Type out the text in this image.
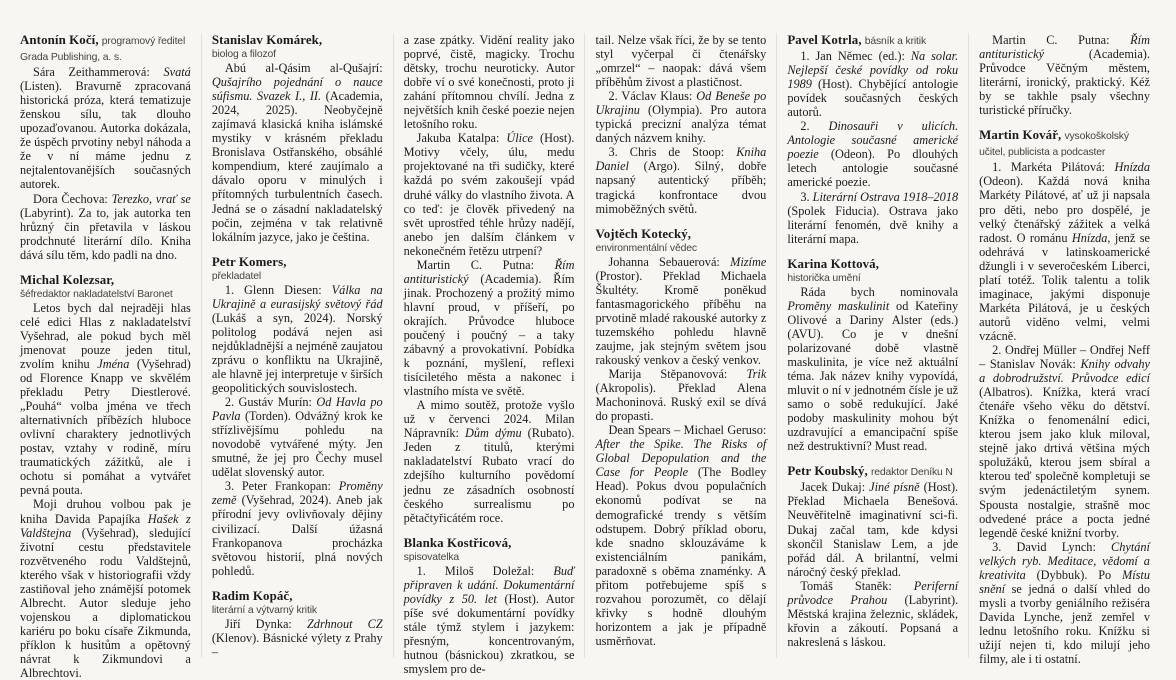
Antonín Kočí, programový ředitel Grada Publishing, a. s.

Sára Zeithammerová: Svatá (Listen). Bravurně zpracovaná historická próza, která tematizuje ženskou sílu, tak dlouho upozaďovanou. Autorka dokázala, že úspěch prvotiny nebyl náhoda a že v ní máme jednu z nejtalentovanějších současných autorek.

Dora Čechova: Terezko, vrať se (Labyrint). Za to, jak autorka ten hrůzný čin přetavila v láskou prodchnuté literární dílo. Kniha dává sílu těm, kdo padli na dno.

Michal Kolezsar,
šéfredaktor nakladatelství Baronet

Letos bych dal nejraději hlas celé edici Hlas z nakladatelství Vyšehrad, ale pokud bych měl jmenovat pouze jeden titul, zvolím knihu Jména (Vyšehrad) od Florence Knapp ve skvělém překladu Petry Diestlerové. „Pouhá“ volba jména ve třech alternativních příbězích hluboce ovlivní charaktery jednotlivých postav, vztahy v rodině, míru traumatických zážitků, ale i ochotu si pomáhat a vytvářet pevná pouta.

Moji druhou volbou pak je kniha Davida Papajíka Hašek z Valdštejna (Vyšehrad), sledující životní cestu představitele rozvětveného rodu Valdštejnů, kterého však v historiografii vždy zastiňoval jeho známější potomek Albrecht. Autor sleduje jeho vojenskou a diplomatickou kariéru po boku císaře Zikmunda, příklon k husitům a opětovný návrat k Zikmundovi a Albrechtovi.

Stanislav Komárek,
biolog a filozof

Abú al-Qásim al-Qušajrí: Qušajrího pojednání o nauce súfismu. Svazek I., II. (Academia, 2024, 2025). Neobyčejně zajímavá klasická kniha islámské mystiky v krásném překladu Bronislava Ostřanského, obsáhlé kompendium, které zaujímalo a dávalo oporu v minulých i přítomných turbulentních časech. Jedná se o zásadní nakladatelský počin, zejména v tak relativně lokálním jazyce, jako je čeština.

Petr Komers,
překladatel

1. Glenn Diesen: Válka na Ukrajině a eurasijský světový řád (Lukáš a syn, 2024). Norský politolog podává nejen asi nejdůkladnější a nejméně zaujatou zprávu o konfliktu na Ukrajině, ale hlavně jej interpretuje v širších geopolitických souvislostech.

2. Gustáv Murín: Od Havla po Pavla (Torden). Odvážný krok ke střízlivějšímu pohledu na novodobě vytvářené mýty. Jen smutné, že jej pro Čechy musel udělat slovenský autor.

3. Peter Frankopan: Proměny země (Vyšehrad, 2024). Aneb jak přírodní jevy ovlivňovaly dějiny civilizací. Další úžasná Frankopanova procházka světovou historií, plná nových pohledů.

Radim Kopáč,
literární a výtvarný kritik

Jiří Dynka: Zdrhnout CZ (Klenov). Básnické výlety z Prahy –

a zase zpátky. Vidění reality jako poprvé, čistě, magicky. Trochu dětsky, trochu neuroticky. Autor dobře ví o své konečnosti, proto ji zahání přítomnou chvílí. Jedna z největších knih české poezie nejen letošního roku.

Jakuba Katalpa: Úlice (Host). Motivy včely, úlu, medu projektované na tři sudičky, které každá po svém zakoušejí vpád druhé války do vlastního života. A co teď: je člověk přivedený na svět uprostřed téhle hrůzy nadějí, anebo jen dalším článkem v nekonečném řetězu utrpení?

Martin C. Putna: Řím antituristický (Academia). Řím jinak. Prochozený a prožitý mimo hlavní proud, v příšeří, po okrajích. Průvodce hluboce poučený i poučný – a taky zábavný a provokativní. Pobídka k poznání, myšlení, reflexi tisíciletého města a nakonec i vlastního místa ve světě.

A mimo soutěž, protože vyšlo už v červenci 2024. Milan Nápravník: Dům dýmu (Rubato). Jeden z titulů, kterými nakladatelství Rubato vrací do zdejšího kulturního povědomí jednu ze zásadních osobností českého surrealismu po pětačtyřicátém roce.

Blanka Kostřicová,
spisovatelka

1. Miloš Doležal: Buď připraven k udání. Dokumentární povídky z 50. let (Host). Autor píše své dokumentární povídky stále týmž stylem i jazykem: přesným, koncentrovaným, hutnou (básnickou) zkratkou, se smyslem pro de-

tail. Nelze však říci, že by se tento styl vyčerpal či čtenářsky „omrzel“ – naopak: dává všem příběhům živost a plastičnost.

2. Václav Klaus: Od Beneše po Ukrajinu (Olympia). Pro autora typická precizní analýza témat daných názvem knihy.

3. Chris de Stoop: Kniha Daniel (Argo). Silný, dobře napsaný autentický příběh; tragická konfrontace dvou mimoběžných světů.

Vojtěch Kotecký,
environmentální vědec

Johanna Sebauerová: Mizíme (Prostor). Překlad Michaela Škultéty. Kromě poněkud fantasmagorického příběhu na prvotině mladé rakouské autorky z tuzemského pohledu hlavně zaujme, jak stejným světem jsou rakouský venkov a český venkov.

Marija Stěpanovová: Trik (Akropolis). Překlad Alena Machoninová. Ruský exil se dívá do propasti.

Dean Spears – Michael Geruso: After the Spike. The Risks of Global Depopulation and the Case for People (The Bodley Head). Pokus dvou populačních ekonomů podívat se na demografické trendy s větším odstupem. Dobrý příklad oboru, kde snadno sklouzáváme k existenciálním panikám, paradoxně s oběma znaménky. A přitom potřebujeme spíš s rozvahou porozumět, co dělají křivky s hodně dlouhým horizontem a jak je případně usměrňovat.

Pavel Kotrla, básník a kritik

1. Jan Němec (ed.): Na solar. Nejlepší české povídky od roku 1989 (Host). Chybějící antologie povídek současných českých autorů.

2. Dinosauři v ulicích. Antologie současné americké poezie (Odeon). Po dlouhých letech antologie současné americké poezie.

3. Literární Ostrava 1918–2018 (Spolek Fiducia). Ostrava jako literární fenomén, dvě knihy a literární mapa.

Karina Kottová,
historička umění

Ráda bych nominovala Proměny maskulinit od Kateřiny Olivové a Dariny Alster (eds.) (AVU). Co je v dnešní polarizované době vlastně maskulinita, je více než aktuální téma. Jak název knihy vypovídá, mluvit o ní v jednotném čísle je už samo o sobě redukující. Jaké podoby maskulinity mohou být uzdravující a emancipační spíše než destruktivní? Must read.

Petr Koubský, redaktor Deníku N

Jacek Dukaj: Jiné písně (Host). Překlad Michaela Benešová. Neuvěřitelně imaginativní sci-fi. Dukaj začal tam, kde kdysi skončil Stanislaw Lem, a jde pořád dál. A brilantní, velmi náročný český překlad.

Tomáš Staněk: Periferní průvodce Prahou (Labyrint). Městská krajina železnic, skládek, křovin a zákoutí. Popsaná a nakreslená s láskou.

Martin C. Putna: Řím antituristický (Academia). Průvodce Věčným městem, literární, ironický, praktický. Kéž by se takhle psaly všechny turistické příručky.

Martin Kovář, vysokoškolský učitel, publicista a podcaster

1. Markéta Pilátová: Hnízda (Odeon). Každá nová kniha Markéty Pilátové, ať už ji napsala pro děti, nebo pro dospělé, je velký čtenářský zážitek a velká radost. O románu Hnízda, jenž se odehrává v latinskoamerické džungli i v severočeském Liberci, platí totéž. Tolik talentu a tolik imaginace, jakými disponuje Markéta Pilátová, je u českých autorů viděno velmi, velmi vzácně.

2. Ondřej Müller – Ondřej Neff – Stanislav Novák: Knihy odvahy a dobrodružství. Průvodce edicí (Albatros). Knížka, která vrací čtenáře všeho věku do dětství. Knížka o fenomenální edici, kterou jsem jako kluk miloval, stejně jako drtivá většina mých spolužáků, kterou jsem sbíral a kterou teď společně kompletuji se svým jedenáctiletým synem. Spousta nostalgie, strašně moc odvedené práce a pocta jedné legendě české knižní tvorby.

3. David Lynch: Chytání velkých ryb. Meditace, vědomí a kreativita (Dybbuk). Po Místu snění se jedná o další vhled do mysli a tvorby geniálního režiséra Davida Lynche, jenž zemřel v lednu letošního roku. Knížku si užijí nejen ti, kdo milují jeho filmy, ale i ti ostatní.
